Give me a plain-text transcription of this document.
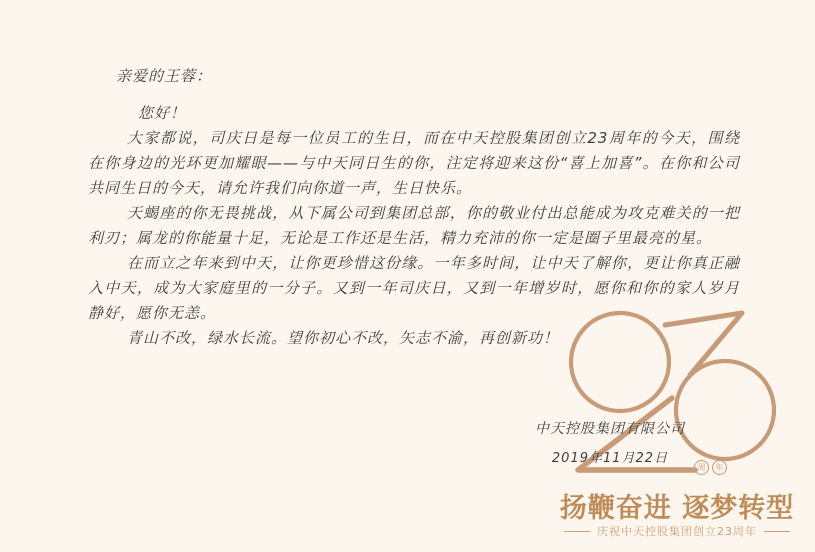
周	年
亲爱的王蓉：
您好！

大家都说，司庆日是每一位员工的生日，而在中天控股集团创立23周年的今天，围绕在你身边的光环更加耀眼——与中天同日生的你，注定将迎来这份“喜上加喜”。在你和公司共同生日的今天，请允许我们向你道一声，生日快乐。

天蝎座的你无畏挑战，从下属公司到集团总部，你的敬业付出总能成为攻克难关的一把利刃；属龙的你能量十足，无论是工作还是生活，精力充沛的你一定是圈子里最亮的星。

在而立之年来到中天，让你更珍惜这份缘。一年多时间，让中天了解你，更让你真正融入中天，成为大家庭里的一分子。又到一年司庆日，又到一年增岁时，愿你和你的家人岁月静好，愿你无恙。

青山不改，绿水长流。望你初心不改，矢志不渝，再创新功！

中天控股集团有限公司
2019年11月22日
扬鞭奋进 逐梦转型
庆祝中天控股集团创立23周年
